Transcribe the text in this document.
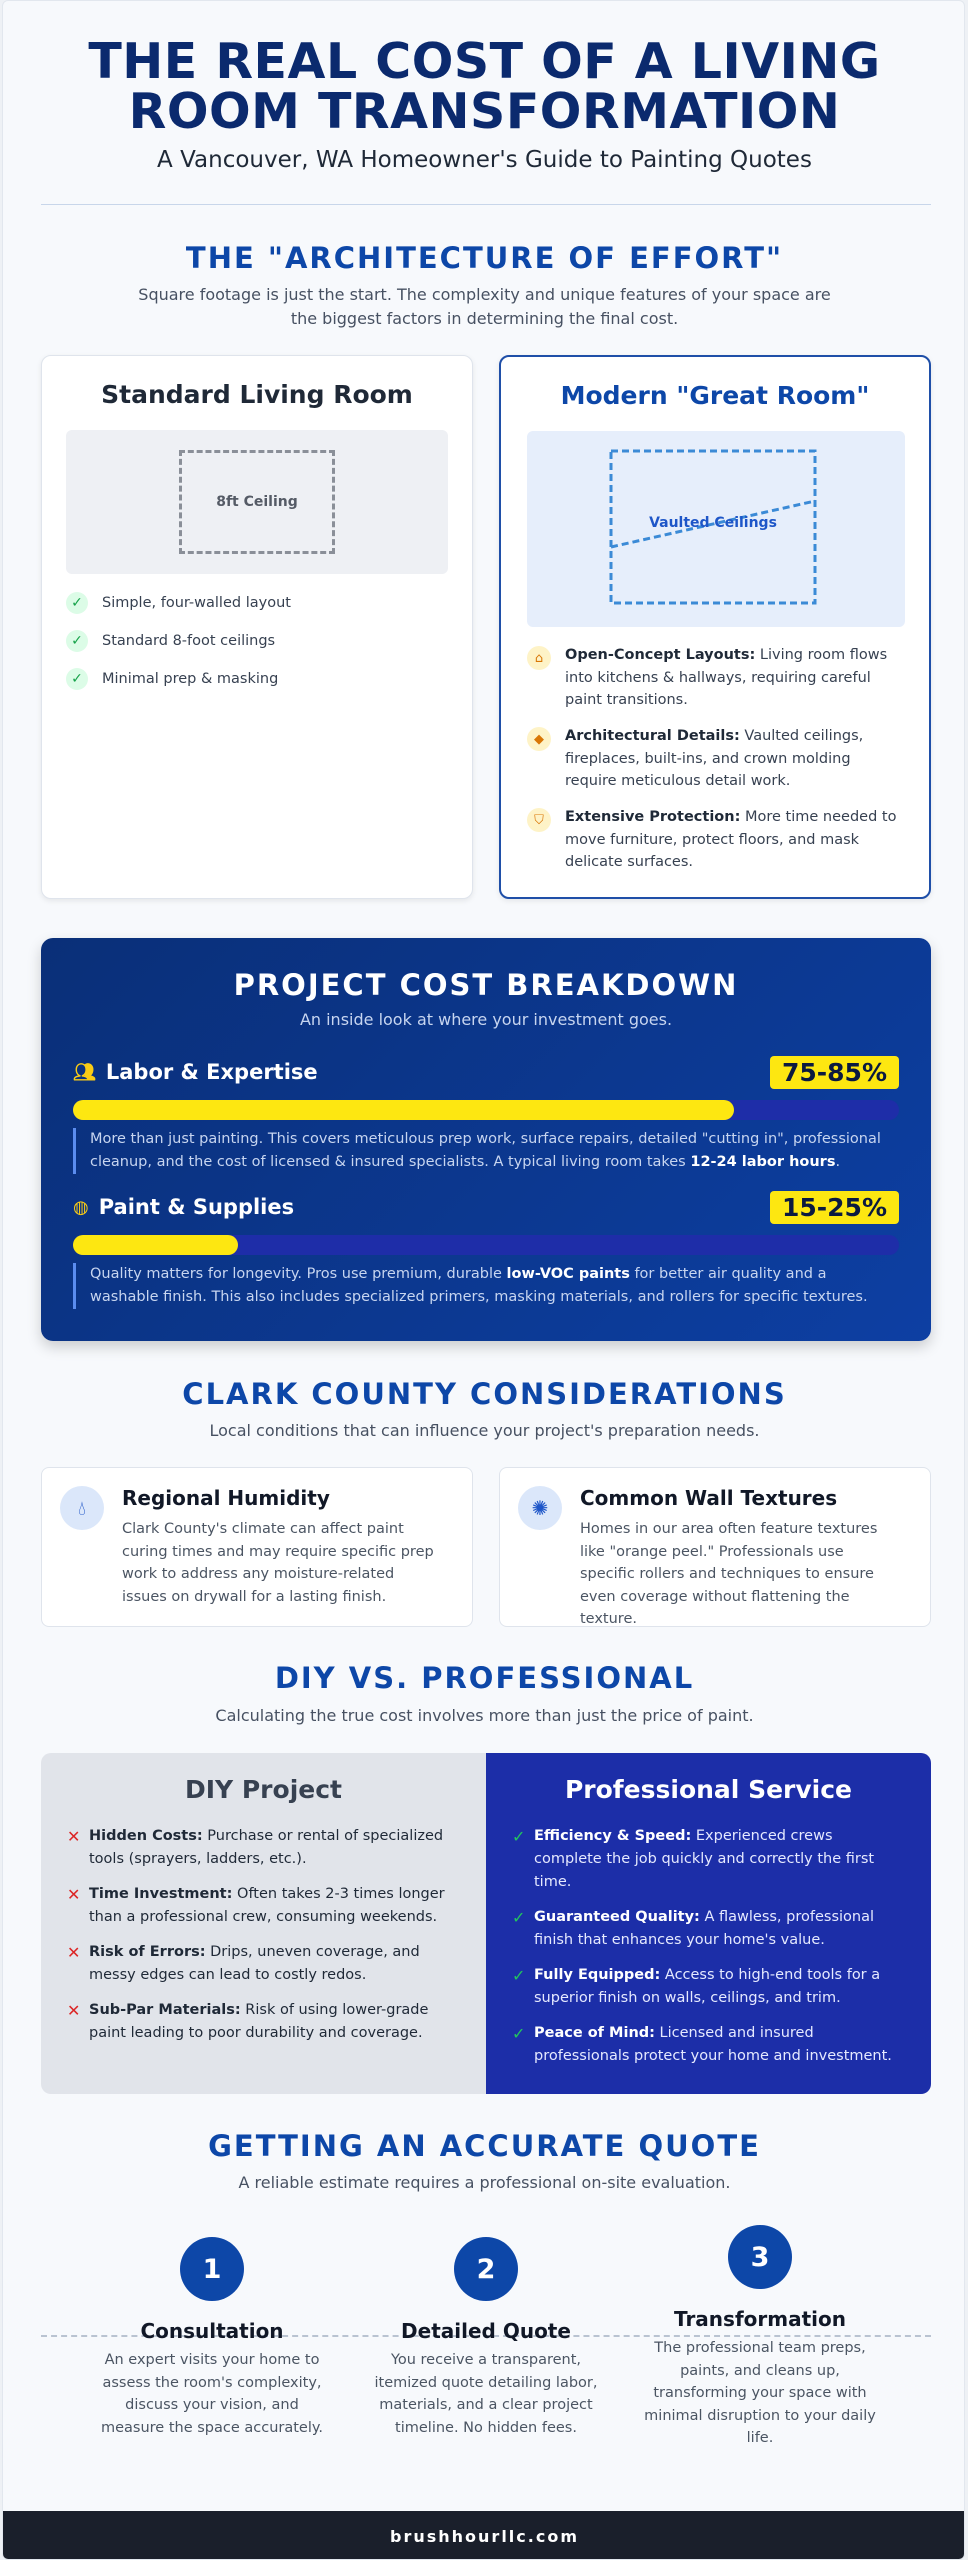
THE REAL COST OF A LIVING
ROOM TRANSFORMATION
A Vancouver, WA Homeowner's Guide to Painting Quotes
THE "ARCHITECTURE OF EFFORT"
Square footage is just the start. The complexity and unique features of your space are the biggest factors in determining the final cost.
Standard Living Room
8ft Ceiling
✓	Simple, four-walled layout
✓	Standard 8-foot ceilings
✓	Minimal prep & masking
Modern "Great Room"
Vaulted Ceilings
⌂	Open-Concept Layouts: Living room flows into kitchens & hallways, requiring careful paint transitions.
◆	Architectural Details: Vaulted ceilings, fireplaces, built-ins, and crown molding require meticulous detail work.
⛉	Extensive Protection: More time needed to move furniture, protect floors, and mask delicate surfaces.
PROJECT COST BREAKDOWN
An inside look at where your investment goes.
👥︎ Labor & Expertise	75-85%
More than just painting. This covers meticulous prep work, surface repairs, detailed "cutting in", professional cleanup, and the cost of licensed & insured specialists. A typical living room takes 12-24 labor hours.
◍ Paint & Supplies	15-25%
Quality matters for longevity. Pros use premium, durable low-VOC paints for better air quality and a washable finish. This also includes specialized primers, masking materials, and rollers for specific textures.
CLARK COUNTY CONSIDERATIONS
Local conditions that can influence your project's preparation needs.
💧︎	Regional Humidity

Clark County's climate can affect paint curing times and may require specific prep work to address any moisture-related issues on drywall for a lasting finish.

✺	Common Wall Textures

Homes in our area often feature textures like "orange peel." Professionals use specific rollers and techniques to ensure even coverage without flattening the texture.

DIY VS. PROFESSIONAL
Calculating the true cost involves more than just the price of paint.
DIY Project
✕ Hidden Costs: Purchase or rental of specialized tools (sprayers, ladders, etc.).
✕ Time Investment: Often takes 2-3 times longer than a professional crew, consuming weekends.
✕ Risk of Errors: Drips, uneven coverage, and messy edges can lead to costly redos.
✕ Sub-Par Materials: Risk of using lower-grade paint leading to poor durability and coverage.
Professional Service
✓ Efficiency & Speed: Experienced crews complete the job quickly and correctly the first time.
✓ Guaranteed Quality: A flawless, professional finish that enhances your home's value.
✓ Fully Equipped: Access to high-end tools for a superior finish on walls, ceilings, and trim.
✓ Peace of Mind: Licensed and insured professionals protect your home and investment.
GETTING AN ACCURATE QUOTE
A reliable estimate requires a professional on-site evaluation.
1
Consultation

An expert visits your home to assess the room's complexity, discuss your vision, and measure the space accurately.

2
Detailed Quote

You receive a transparent, itemized quote detailing labor, materials, and a clear project timeline. No hidden fees.

3
Transformation

The professional team preps, paints, and cleans up, transforming your space with minimal disruption to your daily life.

brushhourllc.com
